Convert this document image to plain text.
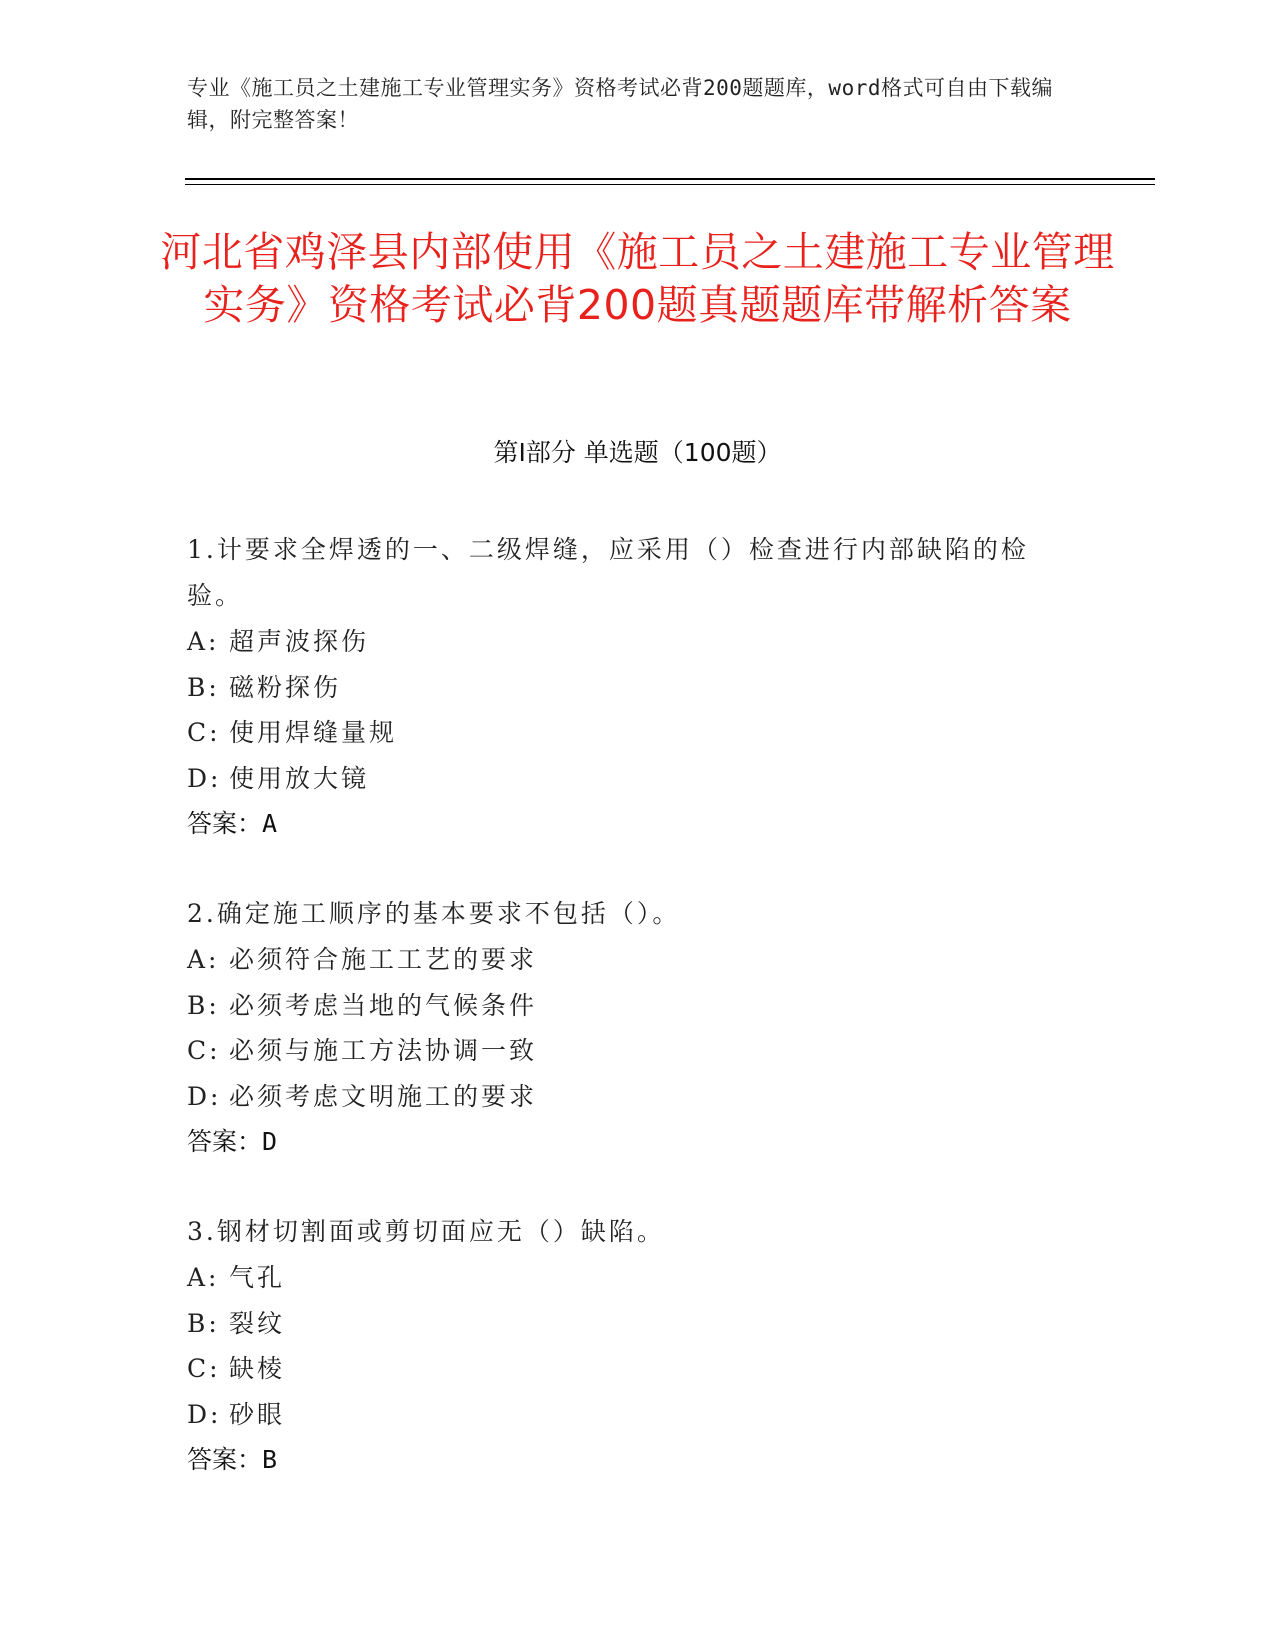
专业《施工员之土建施工专业管理实务》资格考试必背200题题库，word格式可自由下载编辑，附完整答案！
河北省鸡泽县内部使用《施工员之土建施工专业管理实务》资格考试必背200题真题题库带解析答案
第Ⅰ部分 单选题（100题）
1.计要求全焊透的一、二级焊缝，应采用（）检查进行内部缺陷的检验。
A: 超声波探伤
B: 磁粉探伤
C: 使用焊缝量规
D: 使用放大镜
答案：A
2.确定施工顺序的基本要求不包括（）。
A: 必须符合施工工艺的要求
B: 必须考虑当地的气候条件
C: 必须与施工方法协调一致
D: 必须考虑文明施工的要求
答案：D
3.钢材切割面或剪切面应无（）缺陷。
A: 气孔
B: 裂纹
C: 缺棱
D: 砂眼
答案：B
